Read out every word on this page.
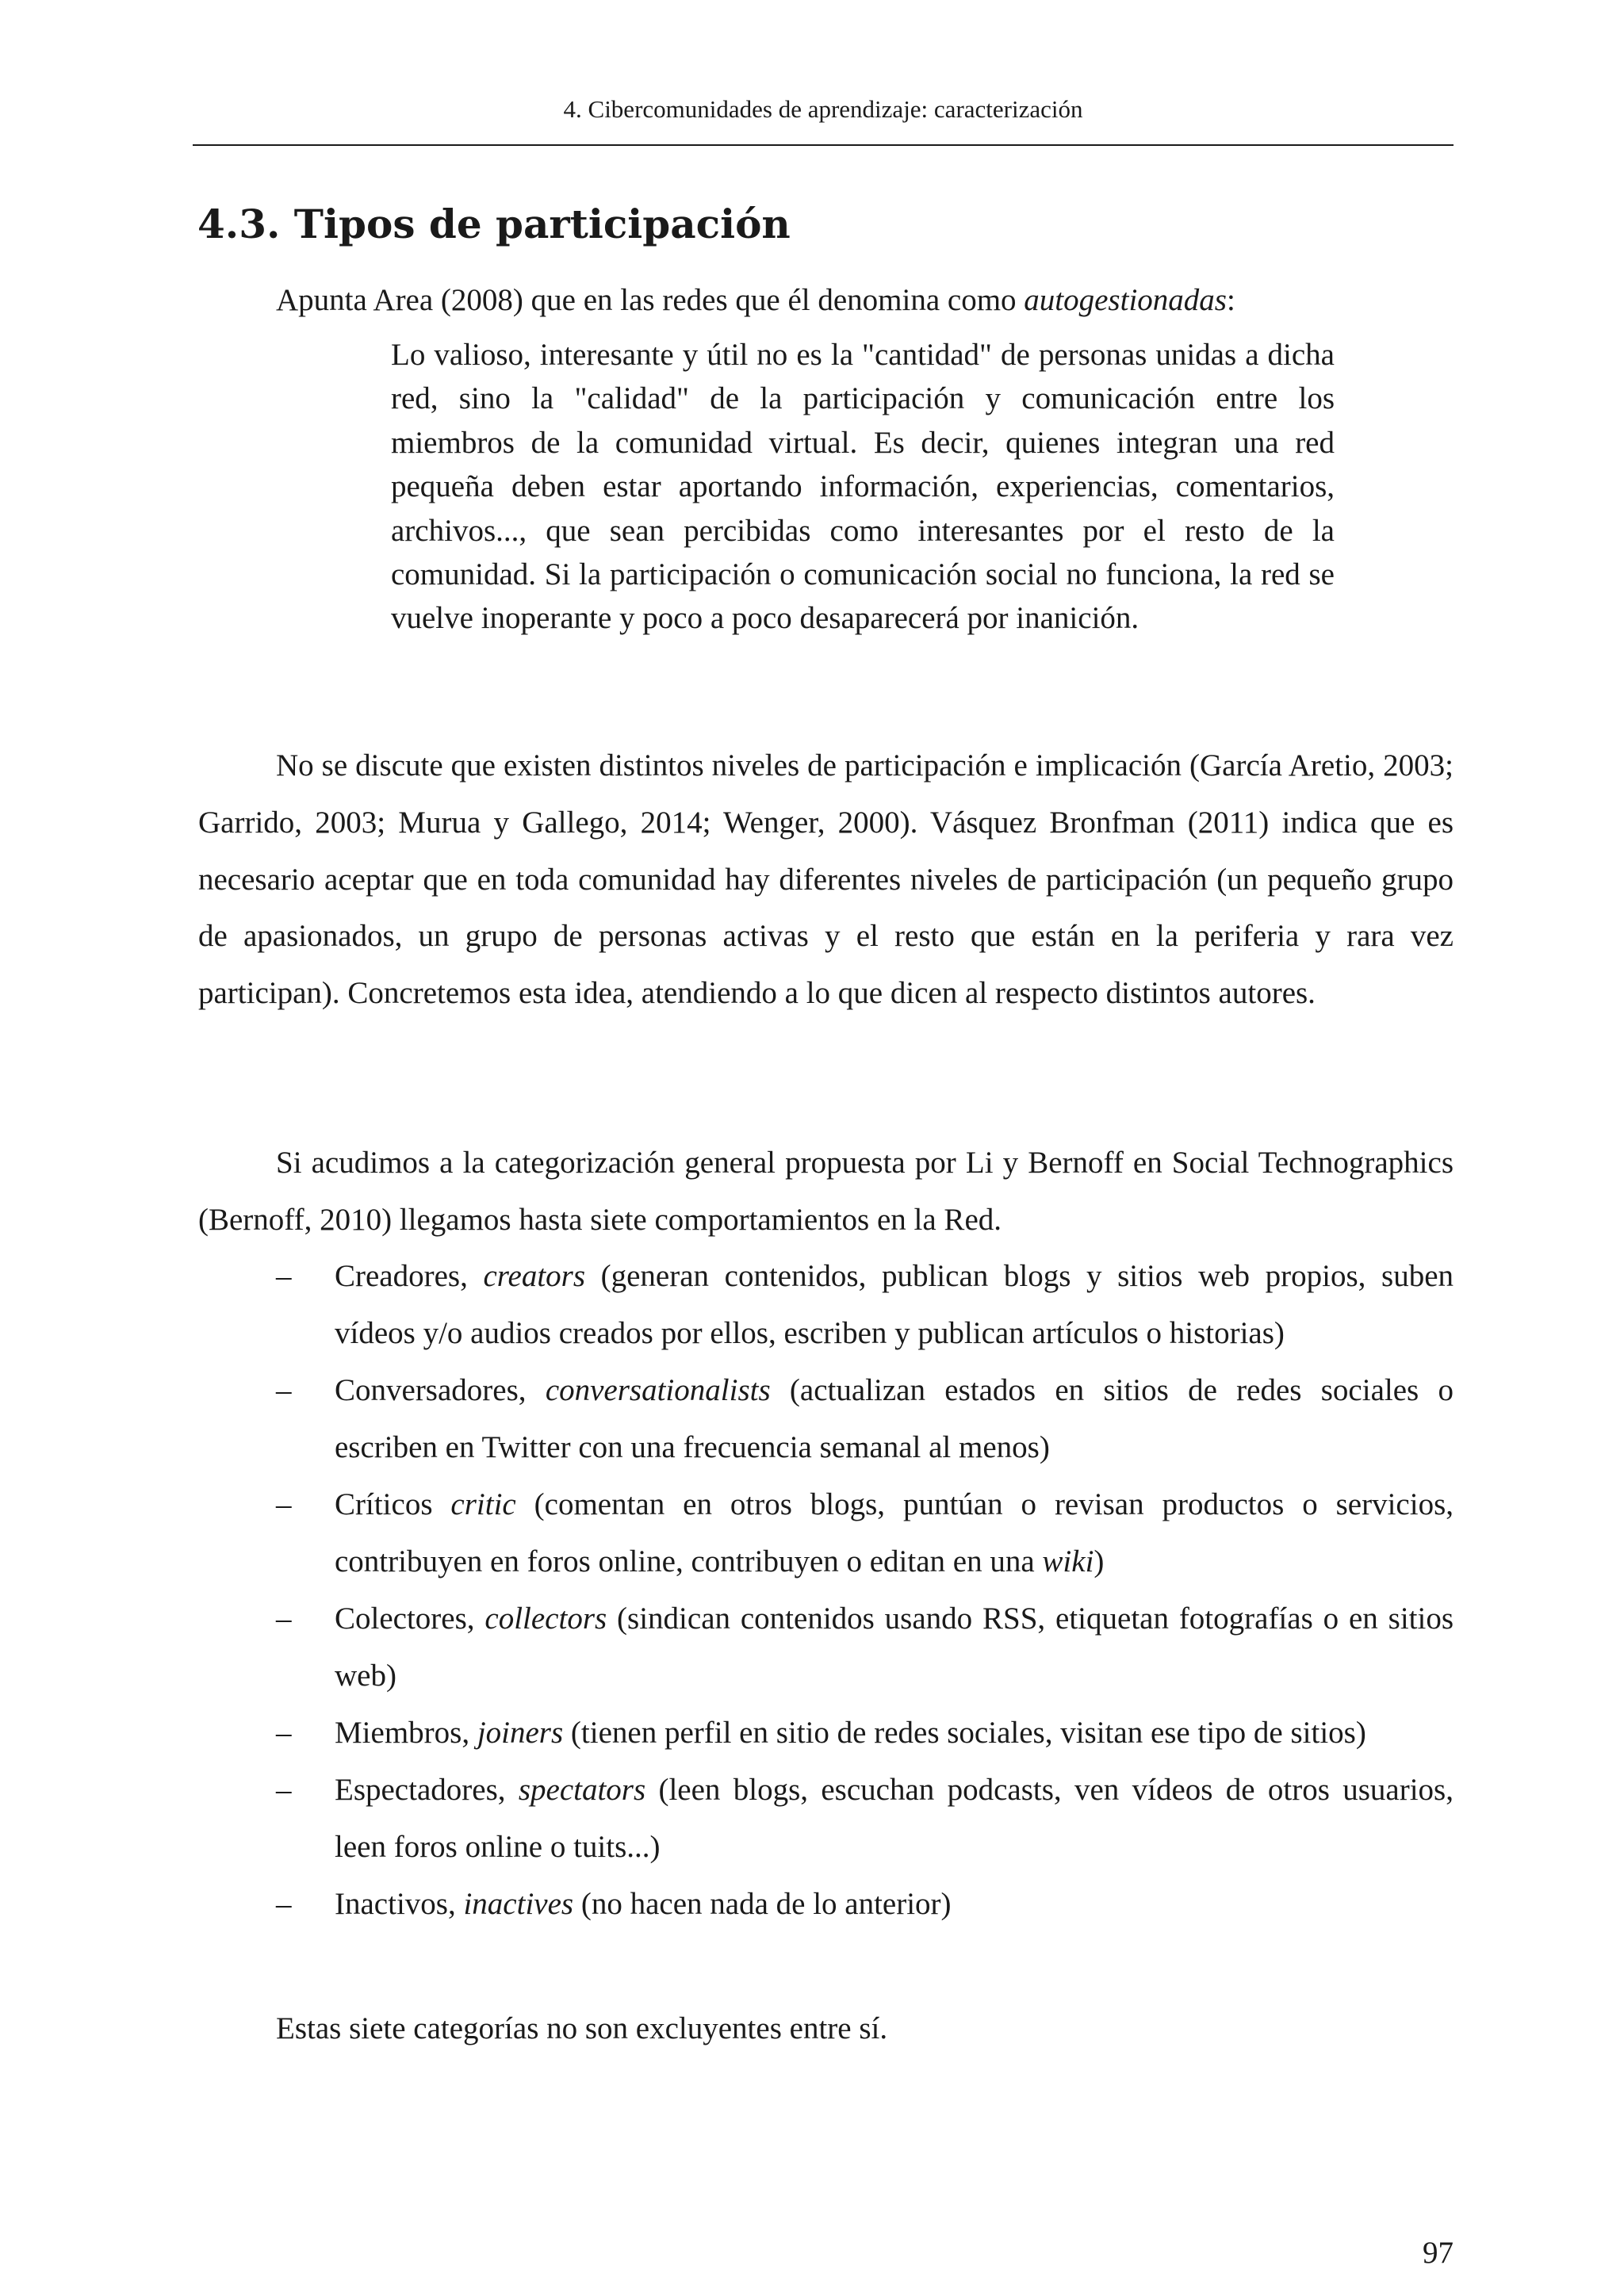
4. Cibercomunidades de aprendizaje: caracterización
4.3. Tipos de participación

Apunta Area (2008) que en las redes que él denomina como autogestionadas:

Lo valioso, interesante y útil no es la "cantidad" de personas unidas a dicha red, sino la "calidad" de la participación y comunicación entre los miembros de la comunidad virtual. Es decir, quienes integran una red pequeña deben estar aportando información, experiencias, comentarios, archivos..., que sean percibidas como interesantes por el resto de la comunidad. Si la participación o comunicación social no funciona, la red se vuelve inoperante y poco a poco desaparecerá por inanición.

No se discute que existen distintos niveles de participación e implicación (García Aretio, 2003; Garrido, 2003; Murua y Gallego, 2014; Wenger, 2000). Vásquez Bronfman (2011) indica que es necesario aceptar que en toda comunidad hay diferentes niveles de participación (un pequeño grupo de apasionados, un grupo de personas activas y el resto que están en la periferia y rara vez participan). Concretemos esta idea, atendiendo a lo que dicen al respecto distintos autores.

Si acudimos a la categorización general propuesta por Li y Bernoff en Social Technographics (Bernoff, 2010) llegamos hasta siete comportamientos en la Red.

– Creadores, creators (generan contenidos, publican blogs y sitios web propios, suben vídeos y/o audios creados por ellos, escriben y publican artículos o historias)
– Conversadores, conversationalists (actualizan estados en sitios de redes sociales o escriben en Twitter con una frecuencia semanal al menos)
– Críticos critic (comentan en otros blogs, puntúan o revisan productos o servicios, contribuyen en foros online, contribuyen o editan en una wiki)
– Colectores, collectors (sindican contenidos usando RSS, etiquetan fotografías o en sitios web)
– Miembros, joiners (tienen perfil en sitio de redes sociales, visitan ese tipo de sitios)
– Espectadores, spectators (leen blogs, escuchan podcasts, ven vídeos de otros usuarios, leen foros online o tuits...)
– Inactivos, inactives (no hacen nada de lo anterior)

Estas siete categorías no son excluyentes entre sí.

97
